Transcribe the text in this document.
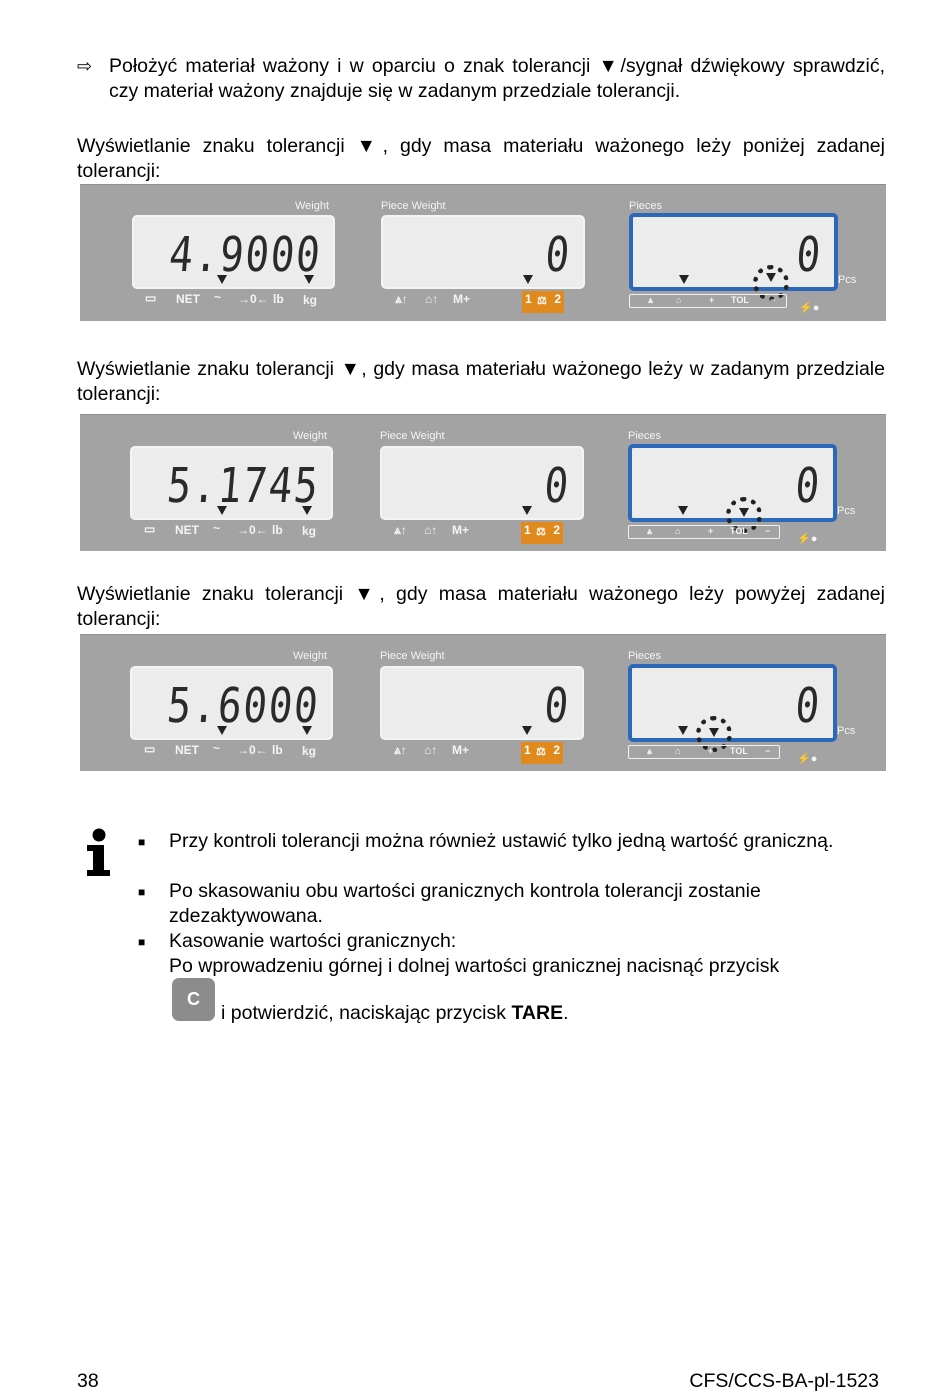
⇨ Położyć materiał ważony i w oparciu o znak tolerancji ▼/sygnał dźwiękowy sprawdzić, czy materiał ważony znajduje się w zadanym przedziale tolerancji.
Wyświetlanie znaku tolerancji ▼, gdy masa materiału ważonego leży poniżej zadanej tolerancji:
Weight	Piece Weight	Pieces
4.9000	0	0
▭ NET ~ →0← lb kg	⩓↑ ⌂↑ M+	1 ⚖ 2	⩓	⌂	+ TOL −
⚡●
Pcs
Wyświetlanie znaku tolerancji ▼, gdy masa materiału ważonego leży w zadanym przedziale tolerancji:
Weight	Piece Weight	Pieces
5.1745	0	0
▭ NET ~ →0← lb kg	⩓↑ ⌂↑ M+	1 ⚖ 2	⩓	⌂	+ TOL −
⚡●
Pcs
Wyświetlanie znaku tolerancji ▼, gdy masa materiału ważonego leży powyżej zadanej tolerancji:
Weight	Piece Weight	Pieces
5.6000	0	0
▭ NET ~ →0← lb kg	⩓↑ ⌂↑ M+	1 ⚖ 2	⩓	⌂	+ TOL −
⚡●
Pcs
■ Przy kontroli tolerancji można również ustawić tylko jedną wartość graniczną.
■ Po skasowaniu obu wartości granicznych kontrola tolerancji zostanie zdezaktywowana.
■ Kasowanie wartości granicznych:
Po wprowadzeniu górnej i dolnej wartości granicznej nacisnąć przycisk
C
i potwierdzić, naciskając przycisk TARE.
38	CFS/CCS-BA-pl-1523
